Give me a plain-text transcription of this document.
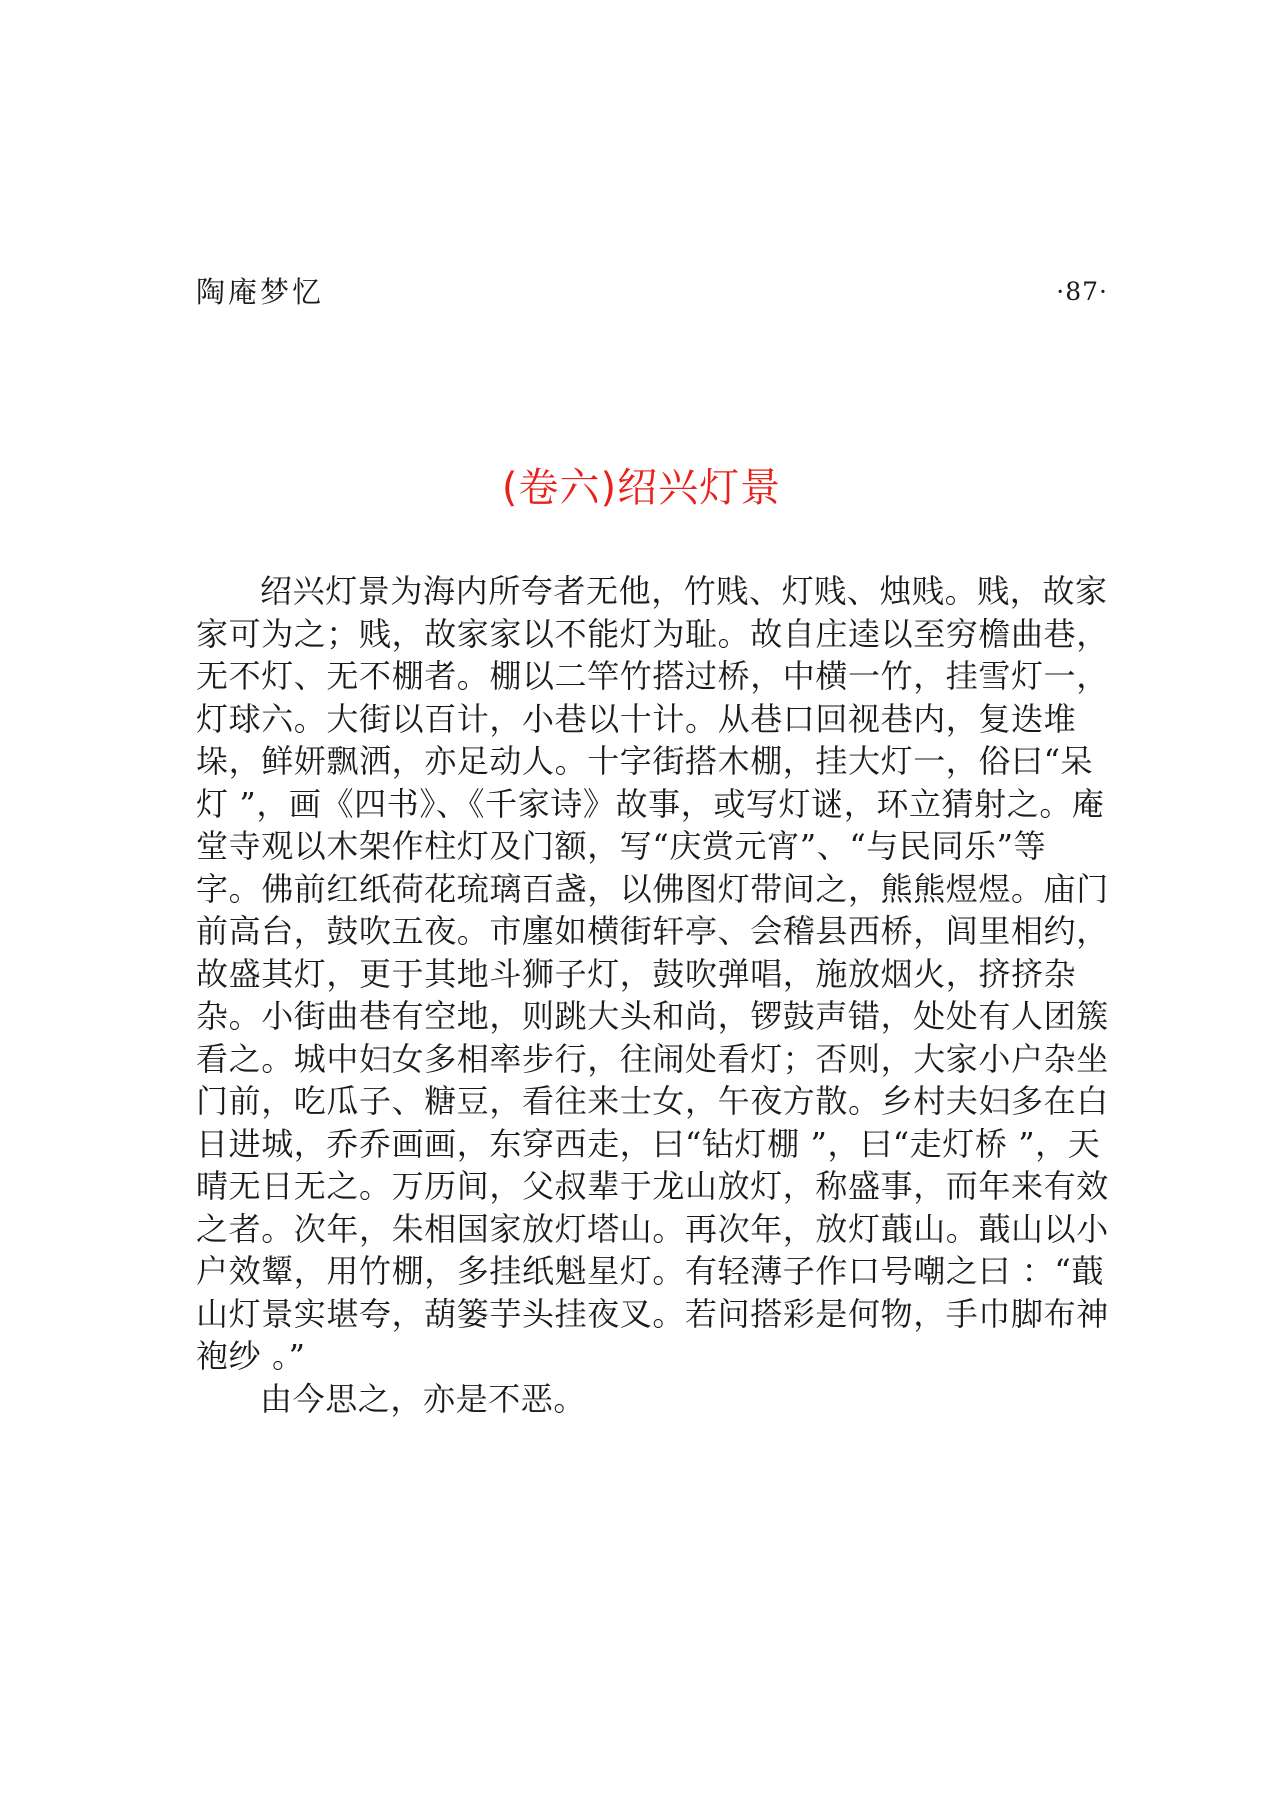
陶庵梦忆	·87·
(卷六)绍兴灯景

绍兴灯景为海内所夸者无他，竹贱、灯贱、烛贱。贱，故家家可为之；贱，故家家以不能灯为耻。故自庄逵以至穷檐曲巷，无不灯、无不棚者。棚以二竿竹搭过桥，中横一竹，挂雪灯一，灯球六。大街以百计，小巷以十计。从巷口回视巷内，复迭堆垛，鲜妍飘洒，亦足动人。十字街搭木棚，挂大灯一，俗曰“呆灯 ”，画《四书》、《千家诗》故事，或写灯谜，环立猜射之。庵堂寺观以木架作柱灯及门额，写“庆赏元宵”、“与民同乐”等字。佛前红纸荷花琉璃百盏，以佛图灯带间之，熊熊煜煜。庙门前高台，鼓吹五夜。市廛如横街轩亭、会稽县西桥，闾里相约，故盛其灯，更于其地斗狮子灯，鼓吹弹唱，施放烟火，挤挤杂杂。小街曲巷有空地，则跳大头和尚，锣鼓声错，处处有人团簇看之。城中妇女多相率步行，往闹处看灯；否则，大家小户杂坐门前，吃瓜子、糖豆，看往来士女，午夜方散。乡村夫妇多在白日进城，乔乔画画，东穿西走，曰“钻灯棚 ”，曰“走灯桥 ”，天晴无日无之。万历间，父叔辈于龙山放灯，称盛事，而年来有效之者。次年，朱相国家放灯塔山。再次年，放灯蕺山。蕺山以小户效颦，用竹棚，多挂纸魁星灯。有轻薄子作口号嘲之曰 ：“蕺山灯景实堪夸，葫篓芋头挂夜叉。若问搭彩是何物，手巾脚布神袍纱 。”

由今思之，亦是不恶。
